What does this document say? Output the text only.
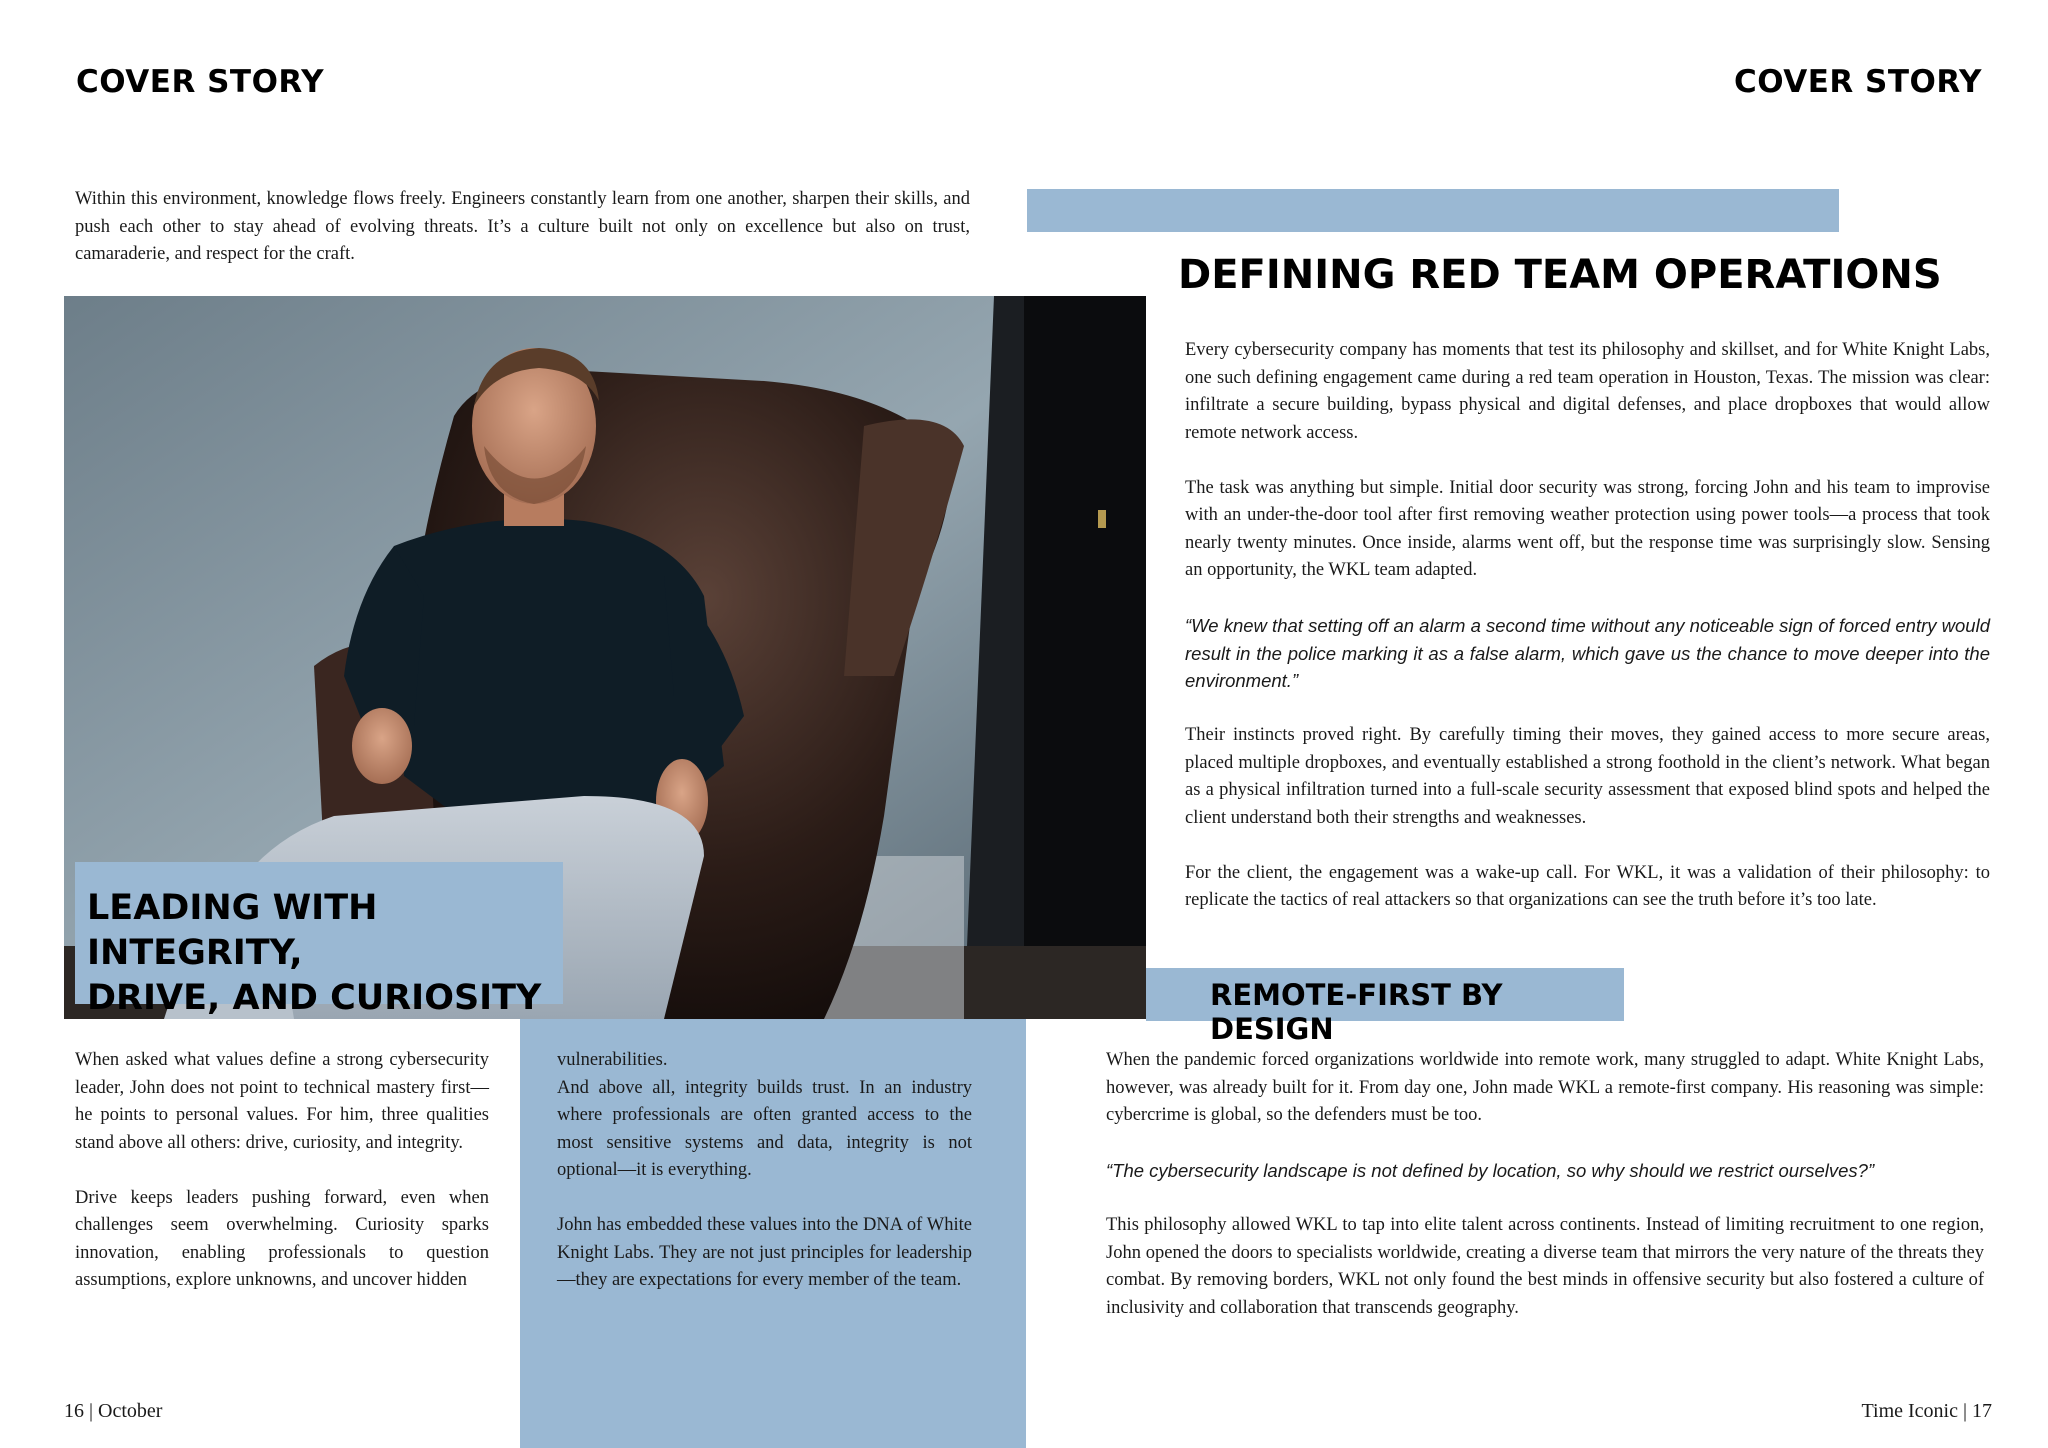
COVER STORY	COVER STORY

Within this environment, knowledge flows freely. Engineers constantly learn from one another, sharpen their skills, and push each other to stay ahead of evolving threats. It’s a culture built not only on excellence but also on trust, camaraderie, and respect for the craft.

LEADING WITH INTEGRITY,
DRIVE, AND CURIOSITY

When asked what values define a strong cybersecurity leader, John does not point to technical mastery first—he points to personal values. For him, three qualities stand above all others: drive, curiosity, and integrity.

Drive keeps leaders pushing forward, even when challenges seem overwhelming. Curiosity sparks innovation, enabling professionals to question assumptions, explore unknowns, and uncover hidden

vulnerabilities.

And above all, integrity builds trust. In an industry where professionals are often granted access to the most sensitive systems and data, integrity is not optional—it is everything.

John has embedded these values into the DNA of White Knight Labs. They are not just principles for leadership—they are expectations for every member of the team.

16 | October

DEFINING RED TEAM OPERATIONS

Every cybersecurity company has moments that test its philosophy and skillset, and for White Knight Labs, one such defining engagement came during a red team operation in Houston, Texas. The mission was clear: infiltrate a secure building, bypass physical and digital defenses, and place dropboxes that would allow remote network access.

The task was anything but simple. Initial door security was strong, forcing John and his team to improvise with an under-the-door tool after first removing weather protection using power tools—a process that took nearly twenty minutes. Once inside, alarms went off, but the response time was surprisingly slow. Sensing an opportunity, the WKL team adapted.

“We knew that setting off an alarm a second time without any noticeable sign of forced entry would result in the police marking it as a false alarm, which gave us the chance to move deeper into the environment.”

Their instincts proved right. By carefully timing their moves, they gained access to more secure areas, placed multiple dropboxes, and eventually established a strong foothold in the client’s network. What began as a physical infiltration turned into a full-scale security assessment that exposed blind spots and helped the client understand both their strengths and weaknesses.

For the client, the engagement was a wake-up call. For WKL, it was a validation of their philosophy: to replicate the tactics of real attackers so that organizations can see the truth before it’s too late.

REMOTE-FIRST BY DESIGN

When the pandemic forced organizations worldwide into remote work, many struggled to adapt. White Knight Labs, however, was already built for it. From day one, John made WKL a remote-first company. His reasoning was simple: cybercrime is global, so the defenders must be too.

“The cybersecurity landscape is not defined by location, so why should we restrict ourselves?”

This philosophy allowed WKL to tap into elite talent across continents. Instead of limiting recruitment to one region, John opened the doors to specialists worldwide, creating a diverse team that mirrors the very nature of the threats they combat. By removing borders, WKL not only found the best minds in offensive security but also fostered a culture of inclusivity and collaboration that transcends geography.

Time Iconic | 17
